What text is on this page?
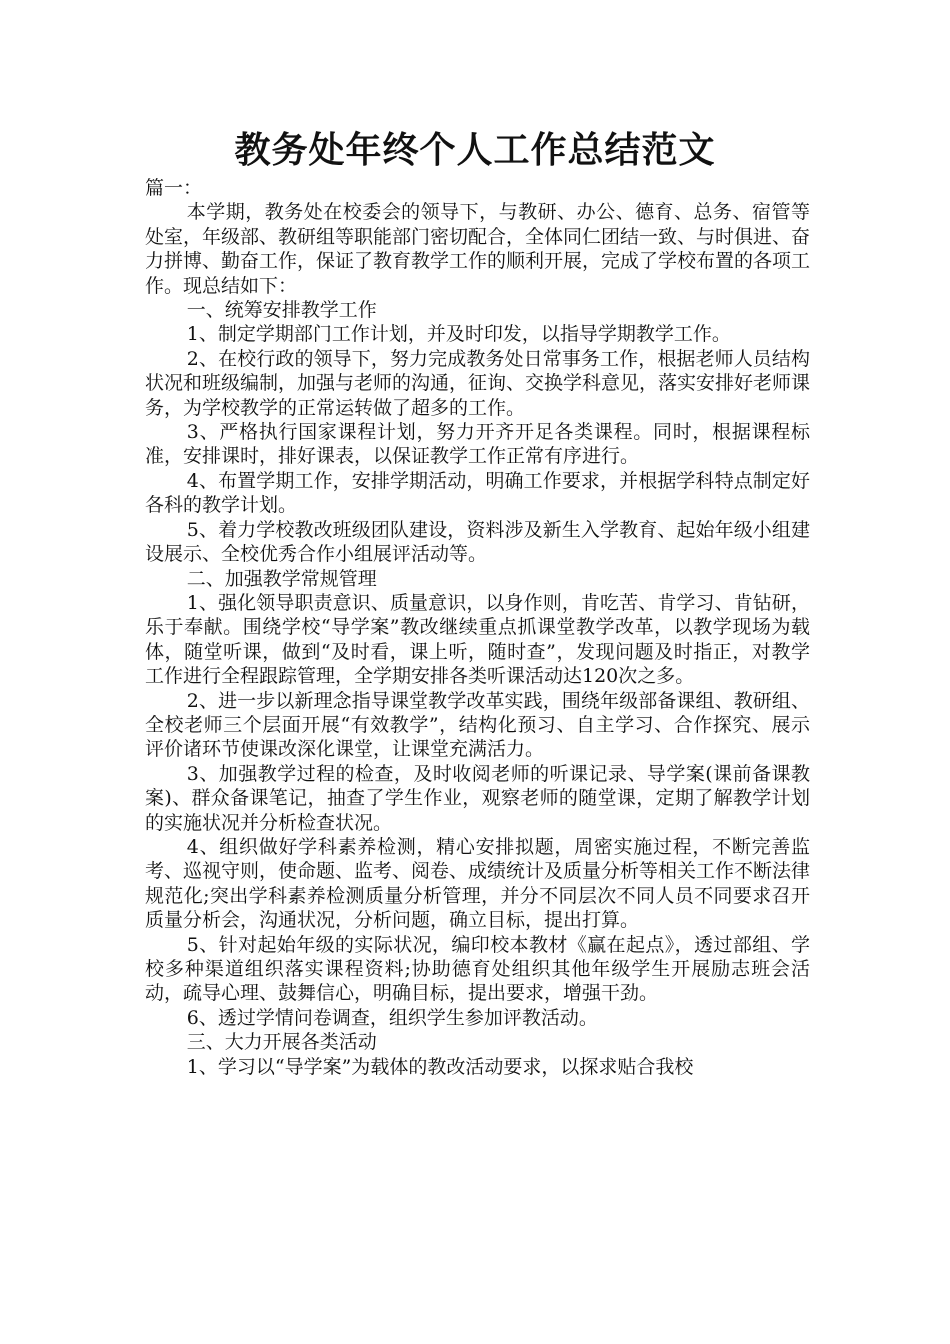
教务处年终个人工作总结范文

篇一：

本学期，教务处在校委会的领导下，与教研、办公、德育、总务、宿管等处室，年级部、教研组等职能部门密切配合，全体同仁团结一致、与时俱进、奋力拼博、勤奋工作，保证了教育教学工作的顺利开展，完成了学校布置的各项工作。现总结如下：

一、统筹安排教学工作

1、制定学期部门工作计划，并及时印发，以指导学期教学工作。

2、在校行政的领导下，努力完成教务处日常事务工作，根据老师人员结构状况和班级编制，加强与老师的沟通，征询、交换学科意见，落实安排好老师课务，为学校教学的正常运转做了超多的工作。

3、严格执行国家课程计划，努力开齐开足各类课程。同时，根据课程标准，安排课时，排好课表，以保证教学工作正常有序进行。

4、布置学期工作，安排学期活动，明确工作要求，并根据学科特点制定好各科的教学计划。

5、着力学校教改班级团队建设，资料涉及新生入学教育、起始年级小组建设展示、全校优秀合作小组展评活动等。

二、加强教学常规管理

1、强化领导职责意识、质量意识，以身作则，肯吃苦、肯学习、肯钻研，乐于奉献。围绕学校“导学案”教改继续重点抓课堂教学改革，以教学现场为载体，随堂听课，做到“及时看，课上听，随时查”，发现问题及时指正，对教学工作进行全程跟踪管理，全学期安排各类听课活动达120次之多。

2、进一步以新理念指导课堂教学改革实践，围绕年级部备课组、教研组、全校老师三个层面开展“有效教学”，结构化预习、自主学习、合作探究、展示评价诸环节使课改深化课堂，让课堂充满活力。

3、加强教学过程的检查，及时收阅老师的听课记录、导学案(课前备课教案)、群众备课笔记，抽查了学生作业，观察老师的随堂课，定期了解教学计划的实施状况并分析检查状况。

4、组织做好学科素养检测，精心安排拟题，周密实施过程，不断完善监考、巡视守则，使命题、监考、阅卷、成绩统计及质量分析等相关工作不断法律规范化;突出学科素养检测质量分析管理，并分不同层次不同人员不同要求召开质量分析会，沟通状况，分析问题，确立目标，提出打算。

5、针对起始年级的实际状况，编印校本教材《赢在起点》，透过部组、学校多种渠道组织落实课程资料;协助德育处组织其他年级学生开展励志班会活动，疏导心理、鼓舞信心，明确目标，提出要求，增强干劲。

6、透过学情问卷调查，组织学生参加评教活动。

三、大力开展各类活动

1、学习以“导学案”为载体的教改活动要求，以探求贴合我校
